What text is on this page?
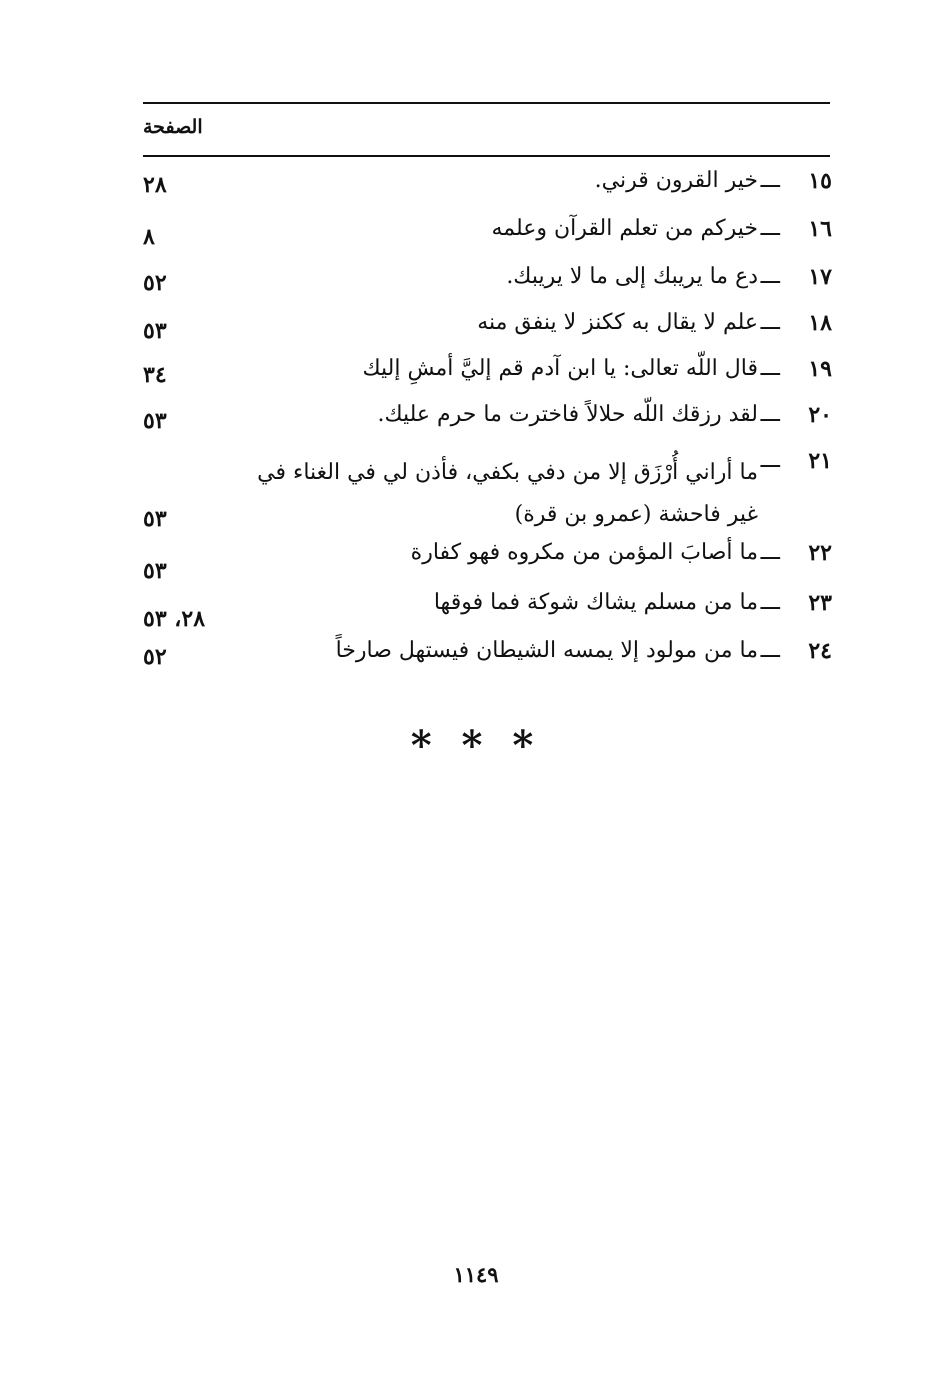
الصفحة
١٥
ـــ
خير القرون قرني.
٢٨
١٦
ـــ
خيركم من تعلم القرآن وعلمه
٨
١٧
ـــ
دع ما يريبك إلى ما لا يريبك.
٥٢
١٨
ـــ
علم لا يقال به ككنز لا ينفق منه
٥٣
١٩
ـــ
قال اللّه تعالى: يا ابن آدم قم إليَّ أمشِ إليك
٣٤
٢٠
ـــ
لقد رزقك اللّه حلالاً فاخترت ما حرم عليك.
٥٣
٢١
ـــ
ما أراني أُرْزَق إلا من دفي بكفي، فأذن لي في الغناء في
غير فاحشة (عمرو بن قرة)
٥٣
٢٢
ـــ
ما أصابَ المؤمن من مكروه فهو كفارة
٥٣
٢٣
ـــ
ما من مسلم يشاك شوكة فما فوقها
٢٨، ٥٣
٢٤
ـــ
ما من مولود إلا يمسه الشيطان فيستهل صارخاً
٥٢
* * *
١١٤٩
